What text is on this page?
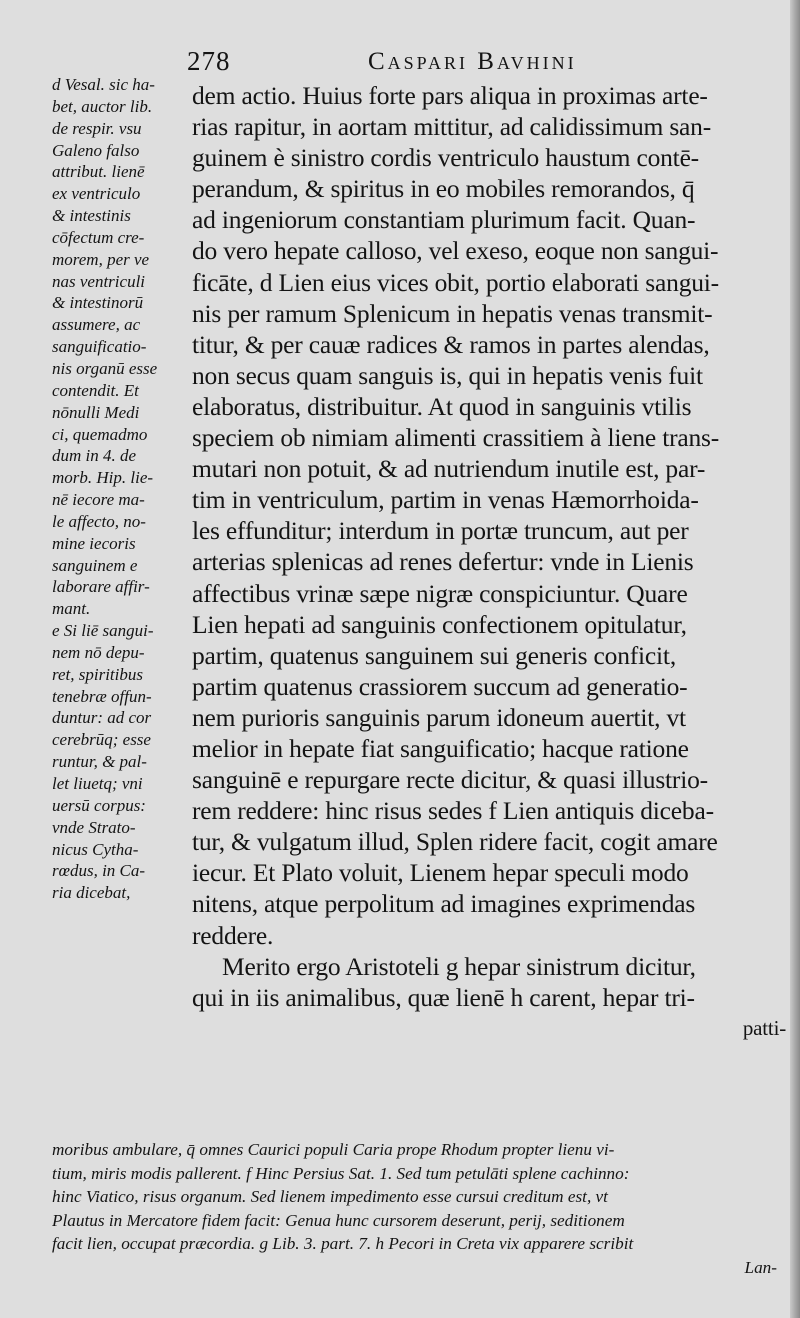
278	Caspari Bavhini
d Vesal. sic ha-
bet, auctor lib.
de respir. vsu
Galeno falso
attribut. lienē
ex ventriculo
& intestinis
cōfectum cre-
morem, per ve
nas ventriculi
& intestinorū
assumere, ac
sanguificatio-
nis organū esse
contendit. Et
nōnulli Medi
ci, quemadmo
dum in 4. de
morb. Hip. lie-
nē iecore ma-
le affecto, no-
mine iecoris
sanguinem e
laborare affir-
mant.
e Si liē sangui-
nem nō depu-
ret, spiritibus
tenebræ offun-
duntur: ad cor
cerebrūq; esse
runtur, & pal-
let liuetq; vni
uersū corpus:
vnde Strato-
nicus Cytha-
rœdus, in Ca-
ria dicebat,
dem actio. Huius forte pars aliqua in proximas arte-
rias rapitur, in aortam mittitur, ad calidissimum san-
guinem è sinistro cordis ventriculo haustum contē-
perandum, & spiritus in eo mobiles remorandos, q̄
ad ingeniorum constantiam plurimum facit. Quan-
do vero hepate calloso, vel exeso, eoque non sangui-
ficāte, d Lien eius vices obit, portio elaborati sangui-
nis per ramum Splenicum in hepatis venas transmit-
titur, & per cauæ radices & ramos in partes alendas,
non secus quam sanguis is, qui in hepatis venis fuit
elaboratus, distribuitur. At quod in sanguinis vtilis
speciem ob nimiam alimenti crassitiem à liene trans-
mutari non potuit, & ad nutriendum inutile est, par-
tim in ventriculum, partim in venas Hæmorrhoida-
les effunditur; interdum in portæ truncum, aut per
arterias splenicas ad renes defertur: vnde in Lienis
affectibus vrinæ sæpe nigræ conspiciuntur. Quare
Lien hepati ad sanguinis confectionem opitulatur,
partim, quatenus sanguinem sui generis conficit,
partim quatenus crassiorem succum ad generatio-
nem purioris sanguinis parum idoneum auertit, vt
melior in hepate fiat sanguificatio; hacque ratione
sanguinē e repurgare recte dicitur, & quasi illustrio-
rem reddere: hinc risus sedes f Lien antiquis diceba-
tur, & vulgatum illud, Splen ridere facit, cogit amare
iecur. Et Plato voluit, Lienem hepar speculi modo
nitens, atque perpolitum ad imagines exprimendas
reddere.
Merito ergo Aristoteli g hepar sinistrum dicitur,
qui in iis animalibus, quæ lienē h carent, hepar tri-
patti-
moribus ambulare, q̄ omnes Caurici populi Caria prope Rhodum propter lienu vi-
tium, miris modis pallerent. f Hinc Persius Sat. 1. Sed tum petulāti splene cachinno:
hinc Viatico, risus organum. Sed lienem impedimento esse cursui creditum est, vt
Plautus in Mercatore fidem facit: Genua hunc cursorem deserunt, perij, seditionem
facit lien, occupat præcordia. g Lib. 3. part. 7. h Pecori in Creta vix apparere scribit
Lan-
